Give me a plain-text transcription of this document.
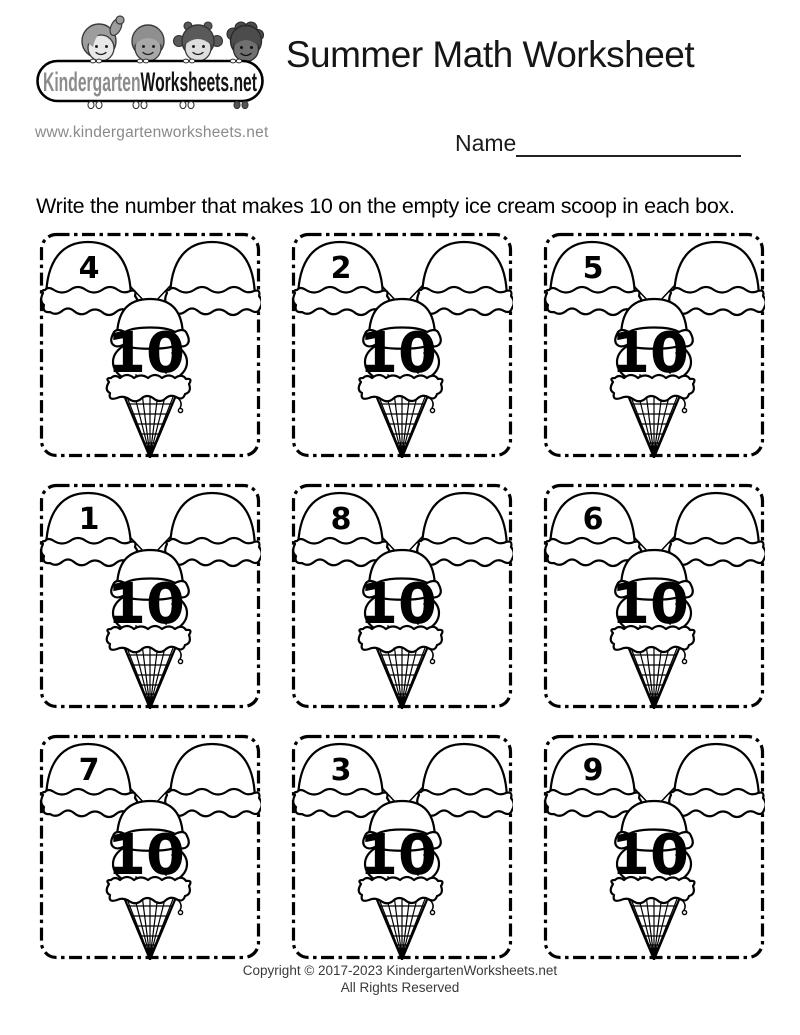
KindergartenWorkshe
www.kindergartenworksheets.net
Summer Math Worksheet
Name
Write the number that makes 10 on the empty ice cream scoop in each box.
4
10
2
10
5
10
1
10
8
10
6
10
7
10
3
10
9
10
Copyright © 2017-2023 KindergartenWorksheets.net
All Rights Reserved
